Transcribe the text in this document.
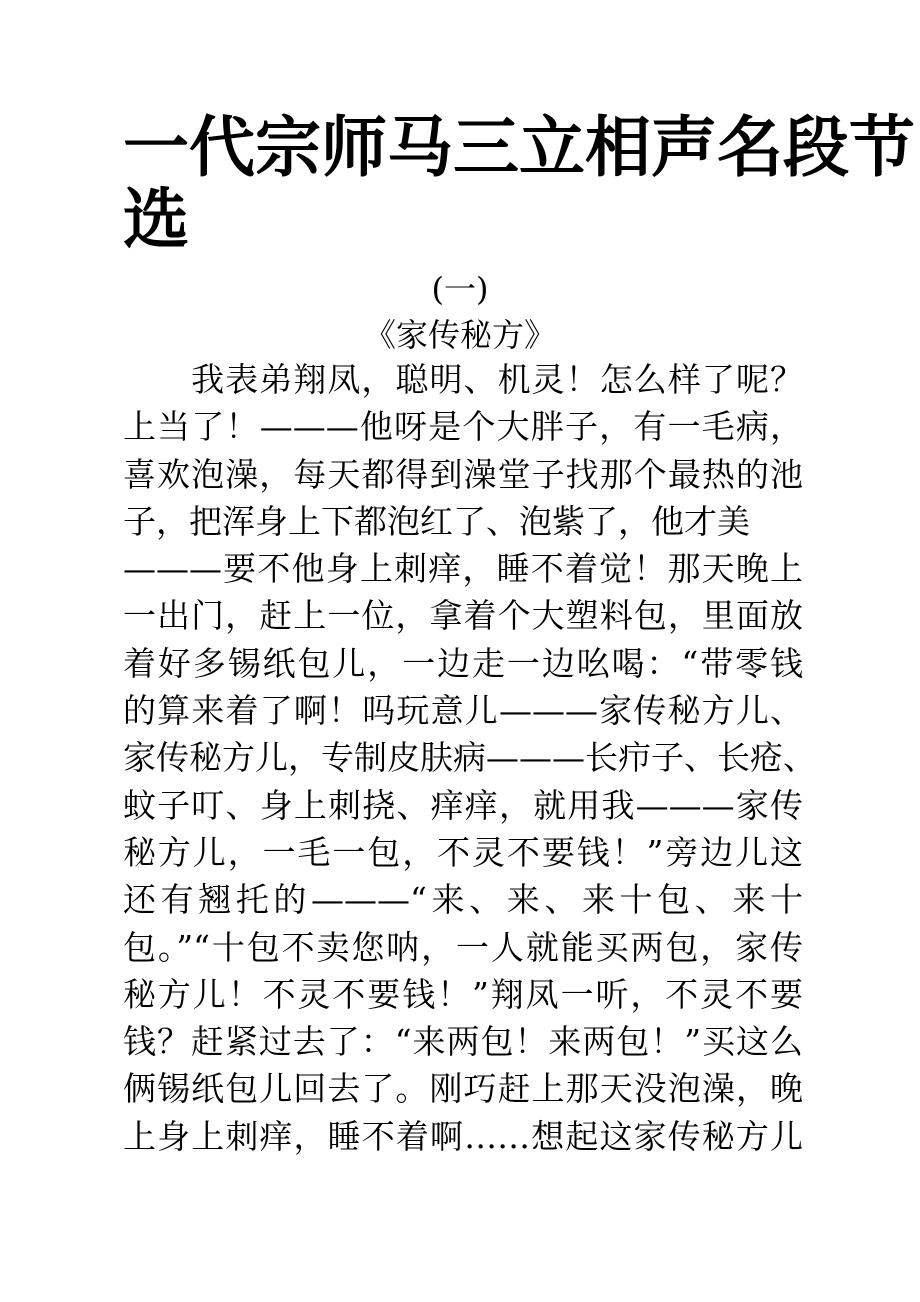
一代宗师马三立相声名段节
选
(一)
《家传秘方》
　　我表弟翔凤，聪明、机灵！怎么样了呢？
上当了！———他呀是个大胖子，有一毛病，
喜欢泡澡，每天都得到澡堂子找那个最热的池
子，把浑身上下都泡红了、泡紫了，他才美
———要不他身上刺痒，睡不着觉！那天晚上
一出门，赶上一位，拿着个大塑料包，里面放
着好多锡纸包儿，一边走一边吆喝：“带零钱
的算来着了啊！吗玩意儿———家传秘方儿、
家传秘方儿，专制皮肤病———长疖子、长疮、
蚊子叮、身上刺挠、痒痒，就用我———家传
秘方儿，一毛一包，不灵不要钱！”旁边儿这
还有翘托的———“来、来、来十包、来十
包。”“十包不卖您呐，一人就能买两包，家传
秘方儿！不灵不要钱！”翔凤一听，不灵不要
钱？赶紧过去了：“来两包！来两包！”买这么
俩锡纸包儿回去了。刚巧赶上那天没泡澡，晚
上身上刺痒，睡不着啊……想起这家传秘方儿
